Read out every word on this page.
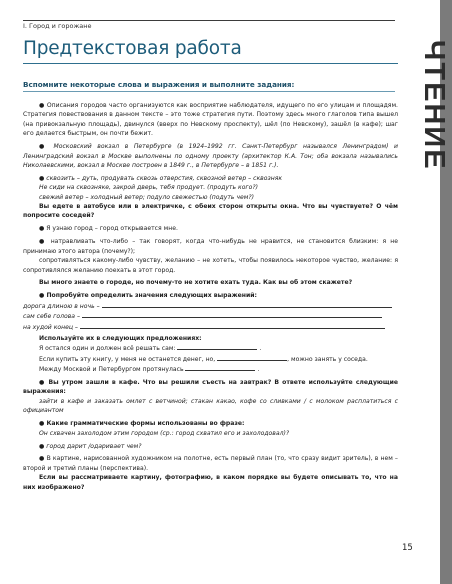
I. Город и горожане
Предтекстовая работа	ЧТЕНИЕ
Вспомните некоторые слова и выражения и выполните задания:

● Описания городов часто организуются как восприятие наблюдателя, идущего по его улицам и площадям. Стратегия повествования в данном тексте – это тоже стратегия пути. Поэтому здесь много глаголов типа вышел (на привокзальную площадь), двинулся (вверх по Невскому проспекту), шёл (по Невскому), зашёл (в кафе); шаг его делается быстрым, он почти бежит.

● Московский вокзал в Петербурге (в 1924–1992 гг. Санкт-Петербург назывался Ленинградом) и Ленинградский вокзал в Москве выполнены по одному проекту (архитектор К.А. Тон; оба вокзала назывались Николаевскими, вокзал в Москве построен в 1849 г., в Петербурге – в 1851 г.).

● сквозить – дуть, продувать сквозь отверстия, сквозной ветер – сквозняк

Не сиди на сквозняке, закрой дверь, тебя продует. (продуть кого?)

свежий ветер – холодный ветер; подуло свежестью (подуть чем?)

Вы едете в автобусе или в электричке, с обеих сторон открыты окна. Что вы чувствуете? О чём попросите соседей?

● Я узнаю город – город открывается мне.

● натравливать что-либо – так говорят, когда что-нибудь не нравится, не становится близким: я не принимаю этого автора (почему?);

сопротивляться какому-либо чувству, желанию – не хотеть, чтобы появилось некоторое чувство, желание: я сопротивлялся желанию поехать в этот город.

Вы много знаете о городе, но почему-то не хотите ехать туда. Как вы об этом скажете?

● Попробуйте определить значения следующих выражений:

дорога длиною в ночь –

сам себе голова –

на худой конец –

Используйте их в следующих предложениях:

Я остался один и должен всё решать сам:	.

Если купить эту книгу, у меня не останется денег, но,	, можно занять у соседа.

Между Москвой и Петербургом протянулась	.

● Вы утром зашли в кафе. Что вы решили съесть на завтрак? В ответе используйте следующие выражения:

зайти в кафе и заказать омлет с ветчиной; стакан какао, кофе со сливками / с молоком расплатиться с официантом

● Какие грамматические формы использованы во фразе:

Он схвачен захолодом этим городом (ср.: город схватил его и захолодовал)?

● город дарит /одаривает чем?

● В картине, нарисованной художником на полотне, есть первый план (то, что сразу видит зритель), в нем – второй и третий планы (перспектива).

Если вы рассматриваете картину, фотографию, в каком порядке вы будете описывать то, что на них изображено?

15
